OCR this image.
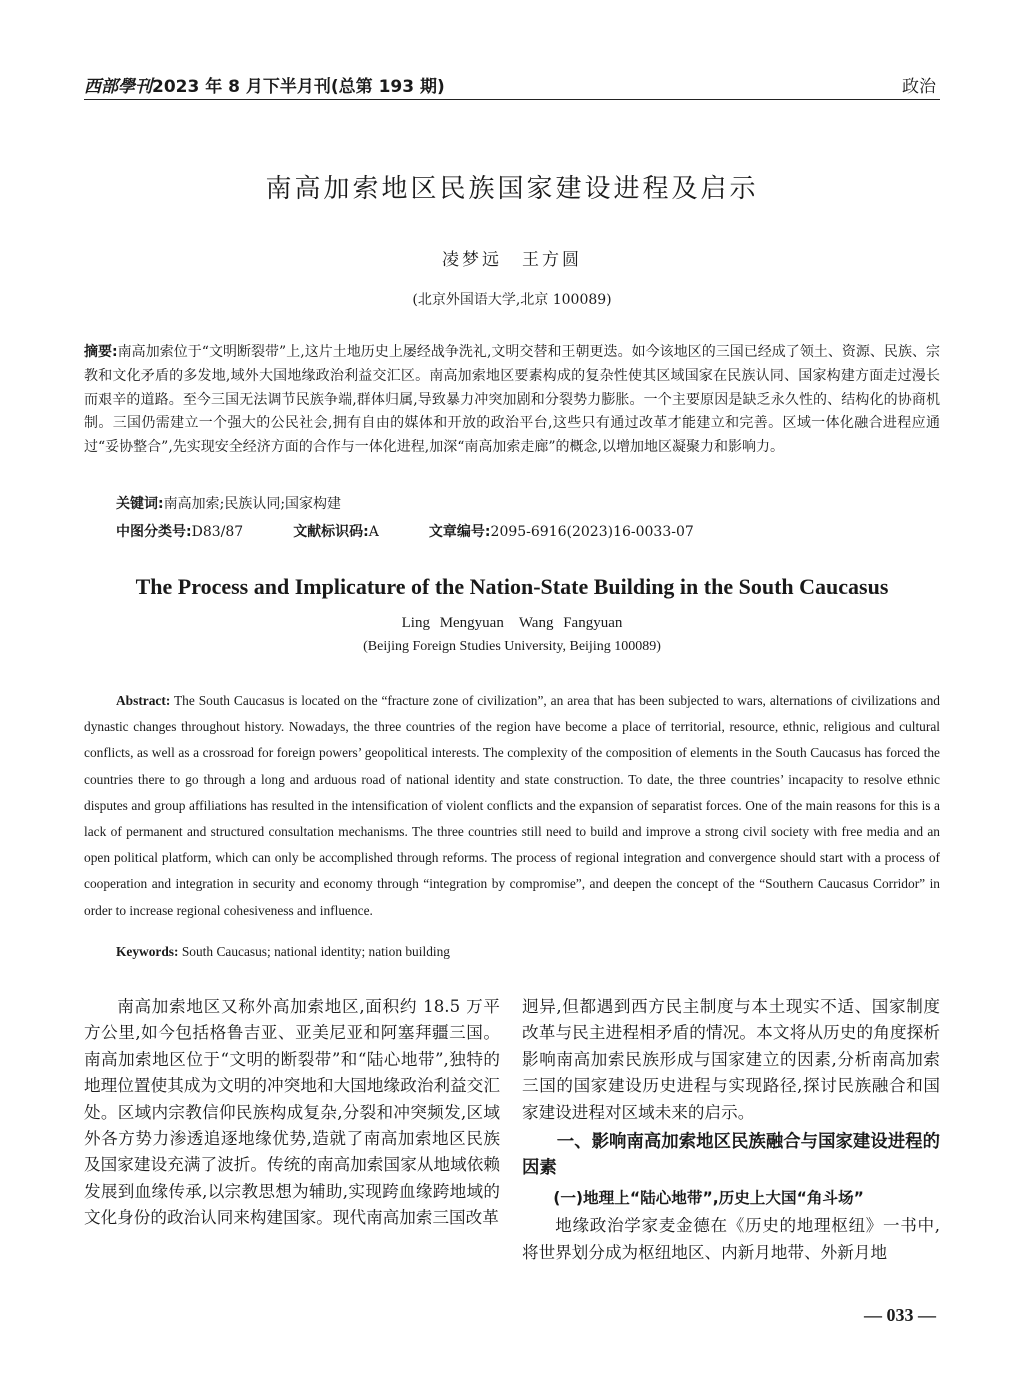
西部學刊2023 年 8 月下半月刊(总第 193 期)	政治
南高加索地区民族国家建设进程及启示
凌梦远　王方圆
(北京外国语大学,北京 100089)
摘要:南高加索位于“文明断裂带”上,这片土地历史上屡经战争洗礼,文明交替和王朝更迭。如今该地区的三国已经成了领土、资源、民族、宗教和文化矛盾的多发地,域外大国地缘政治利益交汇区。南高加索地区要素构成的复杂性使其区域国家在民族认同、国家构建方面走过漫长而艰辛的道路。至今三国无法调节民族争端,群体归属,导致暴力冲突加剧和分裂势力膨胀。一个主要原因是缺乏永久性的、结构化的协商机制。三国仍需建立一个强大的公民社会,拥有自由的媒体和开放的政治平台,这些只有通过改革才能建立和完善。区域一体化融合进程应通过“妥协整合”,先实现安全经济方面的合作与一体化进程,加深“南高加索走廊”的概念,以增加地区凝聚力和影响力。
关键词:南高加索;民族认同;国家构建
中图分类号:D83/87	文献标识码:A	文章编号:2095-6916(2023)16-0033-07
The Process and Implicature of the Nation-State Building in the South Caucasus
Ling Mengyuan　Wang Fangyuan
(Beijing Foreign Studies University, Beijing 100089)
Abstract: The South Caucasus is located on the “fracture zone of civilization”, an area that has been subjected to wars, alternations of civilizations and dynastic changes throughout history. Nowadays, the three countries of the region have become a place of territorial, resource, ethnic, religious and cultural conflicts, as well as a crossroad for foreign powers’ geopolitical interests. The complexity of the composition of elements in the South Caucasus has forced the countries there to go through a long and arduous road of national identity and state construction. To date, the three countries’ incapacity to resolve ethnic disputes and group affiliations has resulted in the intensification of violent conflicts and the expansion of separatist forces. One of the main reasons for this is a lack of permanent and structured consultation mechanisms. The three countries still need to build and improve a strong civil society with free media and an open political platform, which can only be accomplished through reforms. The process of regional integration and convergence should start with a process of cooperation and integration in security and economy through “integration by compromise”, and deepen the concept of the “Southern Caucasus Corridor” in order to increase regional cohesiveness and influence.
Keywords: South Caucasus; national identity; nation building
南高加索地区又称外高加索地区,面积约 18.5 万平方公里,如今包括格鲁吉亚、亚美尼亚和阿塞拜疆三国。南高加索地区位于“文明的断裂带”和“陆心地带”,独特的地理位置使其成为文明的冲突地和大国地缘政治利益交汇处。区域内宗教信仰民族构成复杂,分裂和冲突频发,区域外各方势力渗透追逐地缘优势,造就了南高加索地区民族及国家建设充满了波折。传统的南高加索国家从地域依赖发展到血缘传承,以宗教思想为辅助,实现跨血缘跨地域的文化身份的政治认同来构建国家。现代南高加索三国改革
迥异,但都遇到西方民主制度与本土现实不适、国家制度改革与民主进程相矛盾的情况。本文将从历史的角度探析影响南高加索民族形成与国家建立的因素,分析南高加索三国的国家建设历史进程与实现路径,探讨民族融合和国家建设进程对区域未来的启示。
一、影响南高加索地区民族融合与国家建设进程的因素
(一)地理上“陆心地带”,历史上大国“角斗场”
地缘政治学家麦金德在《历史的地理枢纽》一书中,将世界划分成为枢纽地区、内新月地带、外新月地
— 033 —
